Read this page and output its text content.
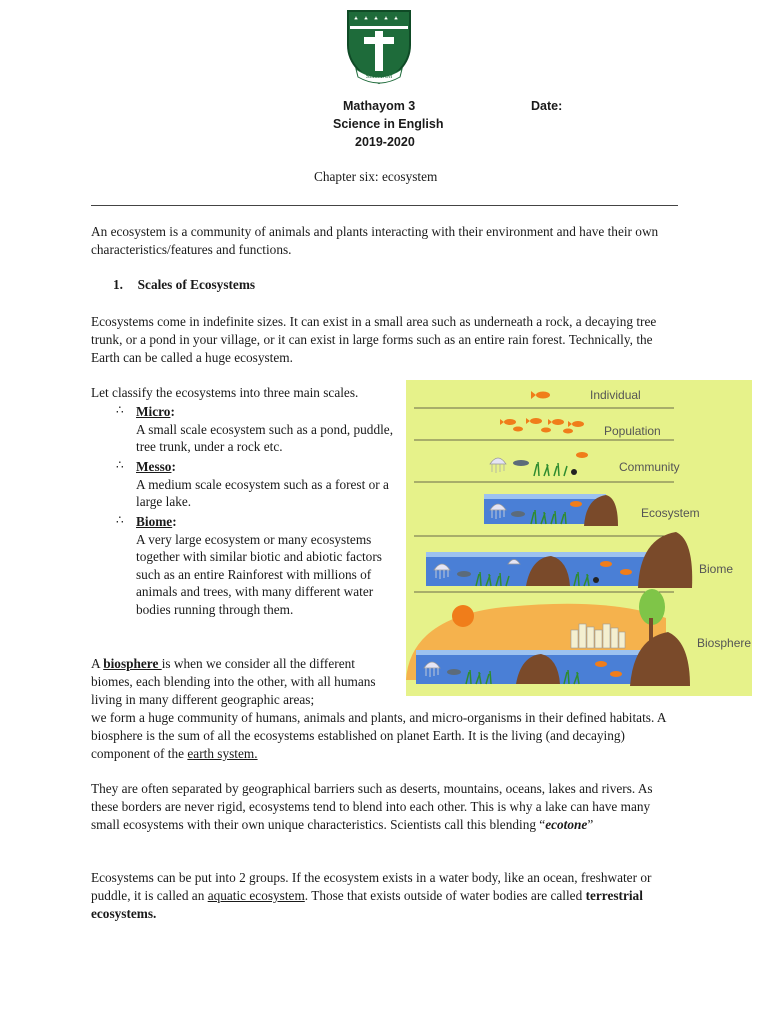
SERVIAM
Mathayom 3	Date:
Science in English
2019-2020
Chapter six: ecosystem

An ecosystem is a community of animals and plants interacting with their environment and have their own characteristics/features and functions.

1. Scales of Ecosystems

Ecosystems come in indefinite sizes. It can exist in a small area such as underneath a rock, a decaying tree trunk, or a pond in your village, or it can exist in large forms such as an entire rain forest. Technically, the Earth can be called a huge ecosystem.

Let classify the ecosystems into three main scales.
∴ Micro:

A small scale ecosystem such as a pond, puddle, tree trunk, under a rock etc.

∴ Messo:

A medium scale ecosystem such as a forest or a large lake.

∴ Biome:

A very large ecosystem or many ecosystems together with similar biotic and abiotic factors such as an entire Rainforest with millions of animals and trees, with many different water bodies running through them.

A biosphere is when we consider all the different biomes, each blending into the other, with all humans living in many different geographic areas;

we form a huge community of humans, animals and plants, and micro-organisms in their defined habitats. A biosphere is the sum of all the ecosystems established on planet Earth. It is the living (and decaying) component of the earth system.

They are often separated by geographical barriers such as deserts, mountains, oceans, lakes and rivers. As these borders are never rigid, ecosystems tend to blend into each other. This is why a lake can have many small ecosystems with their own unique characteristics. Scientists call this blending “ecotone”

Ecosystems can be put into 2 groups. If the ecosystem exists in a water body, like an ocean, freshwater or puddle, it is called an aquatic ecosystem. Those that exists outside of water bodies are called terrestrial ecosystems.

Individual
Population
Community
Ecosystem
Biome
Biosphere
